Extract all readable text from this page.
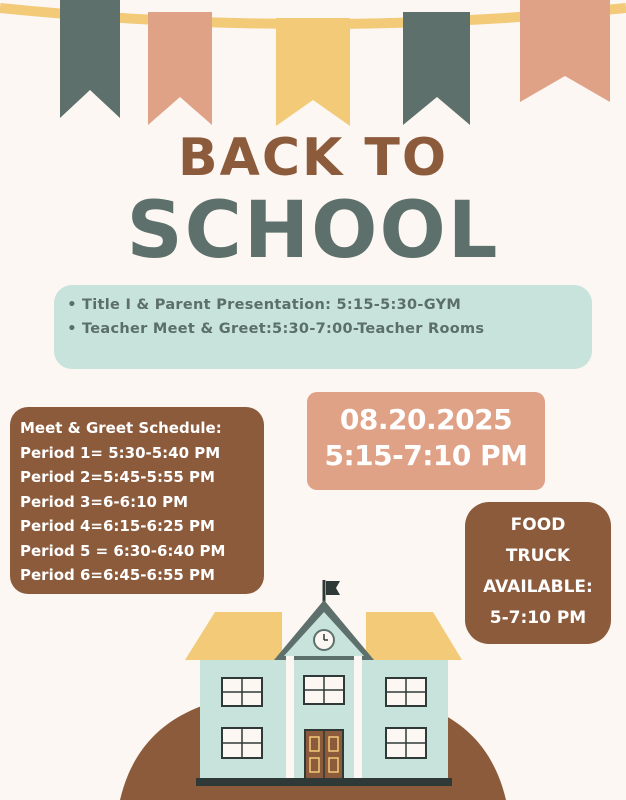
BACK TO
SCHOOL
• Title I & Parent Presentation: 5:15-5:30-GYM
• Teacher Meet & Greet:5:30-7:00-Teacher Rooms
Meet & Greet Schedule:
Period 1= 5:30-5:40 PM
Period 2=5:45-5:55 PM
Period 3=6-6:10 PM
Period 4=6:15-6:25 PM
Period 5 = 6:30-6:40 PM
Period 6=6:45-6:55 PM
08.20.2025
5:15-7:10 PM
FOOD
TRUCK
AVAILABLE:
5-7:10 PM
